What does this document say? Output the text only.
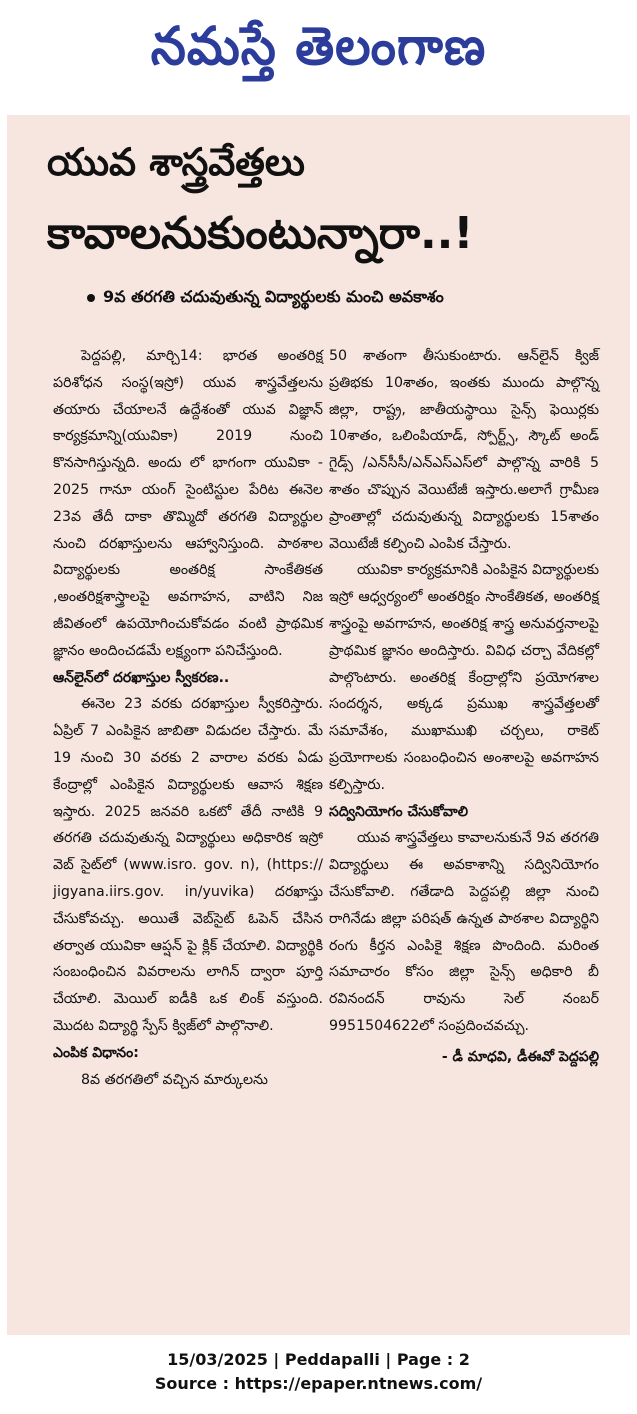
నమస్తే తెలంగాణ
యువ శాస్త్రవేత్తలు
కావాలనుకుంటున్నారా..!
9వ తరగతి చదువుతున్న విద్యార్థులకు మంచి అవకాశం

పెద్దపల్లి, మార్చి14: భారత అంతరిక్ష పరిశోధన సంస్థ(ఇస్రో) యువ శాస్త్రవేత్తలను తయారు చేయాలనే ఉద్దేశంతో యువ విజ్ఞాన్ కార్యక్రమాన్ని(యువికా) 2019 నుంచి కొనసాగిస్తున్నది. అందు లో భాగంగా యువికా - 2025 గానూ యంగ్ సైంటిస్టుల పేరిట ఈనెల 23వ తేదీ దాకా తొమ్మిదో తరగతి విద్యార్థుల నుంచి దరఖాస్తులను ఆహ్వానిస్తుంది. పాఠశాల విద్యార్థులకు అంతరిక్ష సాంకేతికత ,అంతరిక్షశాస్త్రాలపై అవగాహన, వాటిని నిజ జీవితంలో ఉపయోగించుకోవడం వంటి ప్రాథమిక జ్ఞానం అందించడమే లక్ష్యంగా పనిచేస్తుంది.

ఆన్‌లైన్‌లో దరఖాస్తుల స్వీకరణ..

ఈనెల 23 వరకు దరఖాస్తుల స్వీకరిస్తారు. ఏప్రిల్ 7 ఎంపికైన జాబితా విడుదల చేస్తారు. మే 19 నుంచి 30 వరకు 2 వారాల వరకు ఏడు కేంద్రాల్లో ఎంపికైన విద్యార్థులకు ఆవాస శిక్షణ ఇస్తారు. 2025 జనవరి ఒకటో తేదీ నాటికి 9 తరగతి చదువుతున్న విద్యార్థులు అధికారిక ఇస్రో వెబ్ సైట్‌లో (www.isro. gov. n), (https:// jigyana.iirs.gov. in/yuvika) దరఖాస్తు చేసుకోవచ్చు. అయితే వెబ్‌సైట్ ఓపెన్ చేసిన తర్వాత యువికా ఆప్షన్ పై క్లిక్ చేయాలి. విద్యార్థికి సంబంధించిన వివరాలను లాగిన్ ద్వారా పూర్తి చేయాలి. మెయిల్ ఐడీకి ఒక లింక్ వస్తుంది. మొదట విద్యార్థి స్పేస్ క్విజ్‌లో పాల్గొనాలి.

ఎంపిక విధానం:

8వ తరగతిలో వచ్చిన మార్కులను

50 శాతంగా తీసుకుంటారు. ఆన్‌లైన్ క్విజ్ ప్రతిభకు 10శాతం, ఇంతకు ముందు పాల్గొన్న జిల్లా, రాష్ట్ర, జాతీయస్థాయి సైన్స్ ఫెయిర్లకు 10శాతం, ఒలింపియాడ్, స్పోర్ట్స్, స్కౌట్ అండ్ గైడ్స్ /ఎన్‌సీసీ/ఎన్ఎస్ఎస్‌లో పాల్గొన్న వారికి 5 శాతం చొప్పున వెయిటేజీ ఇస్తారు.అలాగే గ్రామీణ ప్రాంతాల్లో చదువుతున్న విద్యార్థులకు 15శాతం వెయిటేజీ కల్పించి ఎంపిక చేస్తారు.

యువికా కార్యక్రమానికి ఎంపికైన విద్యార్థులకు ఇస్రో ఆధ్వర్యంలో అంతరిక్షం సాంకేతికత, అంతరిక్ష శాస్త్రంపై అవగాహన, అంతరిక్ష శాస్త్ర అనువర్తనాలపై ప్రాథమిక జ్ఞానం అందిస్తారు. వివిధ చర్చా వేదికల్లో పాల్గొంటారు. అంతరిక్ష కేంద్రాల్లోని ప్రయోగశాల సందర్శన, అక్కడ ప్రముఖ శాస్త్రవేత్తలతో సమావేశం, ముఖాముఖి చర్చలు, రాకెట్ ప్రయోగాలకు సంబంధించిన అంశాలపై అవగాహన కల్పిస్తారు.

సద్వినియోగం చేసుకోవాలి

యువ శాస్త్రవేత్తలు కావాలనుకునే 9వ తరగతి విద్యార్థులు ఈ అవకాశాన్ని సద్వినియోగం చేసుకోవాలి. గతేడాది పెద్దపల్లి జిల్లా నుంచి రాగినేడు జిల్లా పరిషత్ ఉన్నత పాఠశాల విద్యార్థిని రంగు కీర్తన ఎంపికై శిక్షణ పొందింది. మరింత సమాచారం కోసం జిల్లా సైన్స్ అధికారి బీ రవినందన్ రావును సెల్ నంబర్ 9951504622లో సంప్రదించవచ్చు.

- డీ మాధవి, డీఈవో పెద్దపల్లి
15/03/2025 | Peddapalli | Page : 2
Source : https://epaper.ntnews.com/
